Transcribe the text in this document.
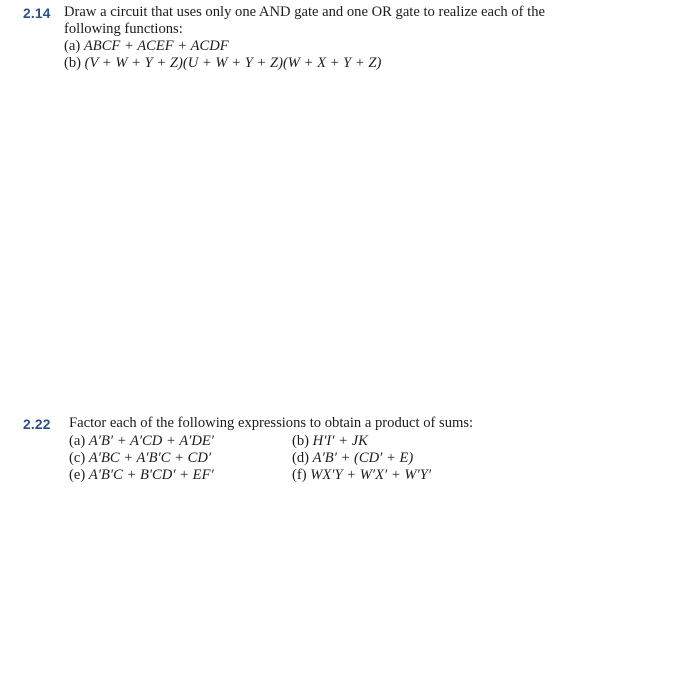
2.14 Draw a circuit that uses only one AND gate and one OR gate to realize each of the
following functions:
(a) ABCF + ACEF + ACDF
(b) (V + W + Y + Z)(U + W + Y + Z)(W + X + Y + Z)
2.22 Factor each of the following expressions to obtain a product of sums:
(a) A′B′ + A′CD + A′DE′	(b) H′I′ + JK
(c) A′BC + A′B′C + CD′	(d) A′B′ + (CD′ + E)
(e) A′B′C + B′CD′ + EF′	(f) WX′Y + W′X′ + W′Y′
